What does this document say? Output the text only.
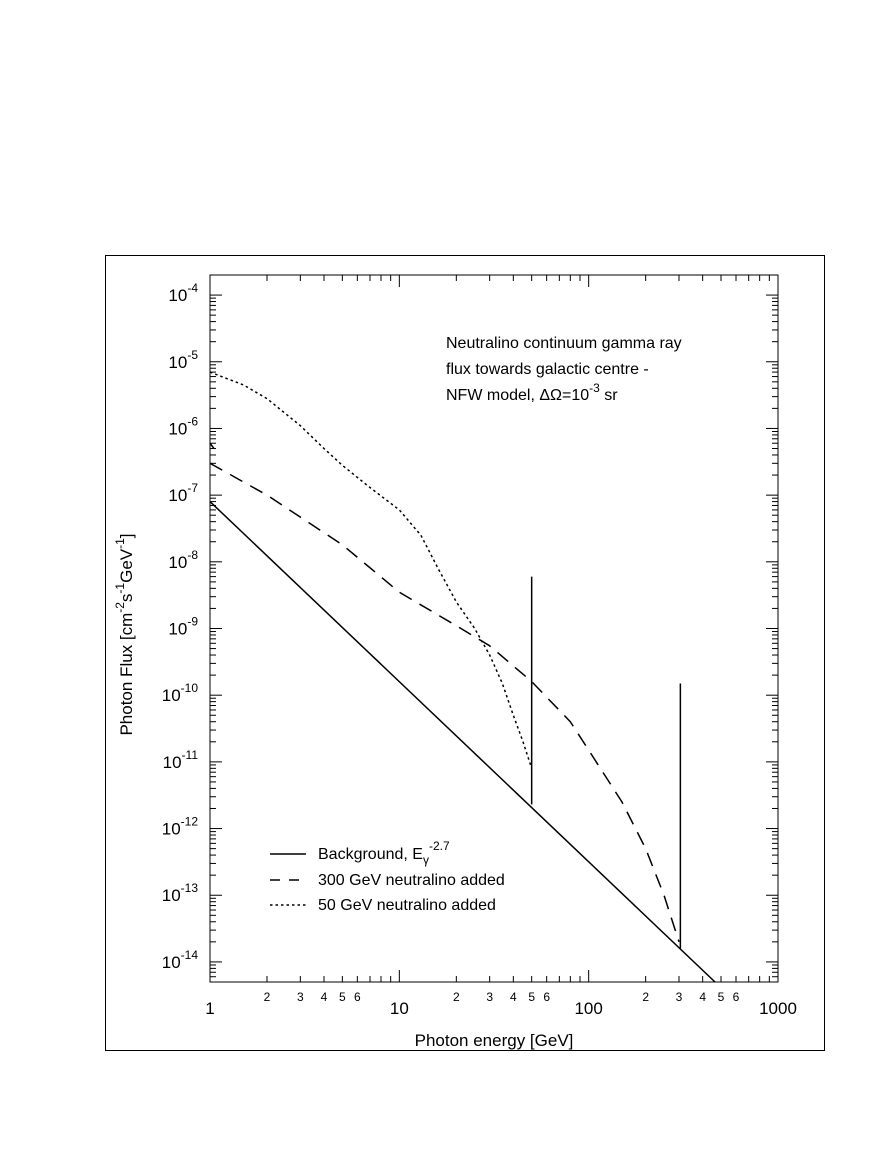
1	10	100	1000
2 3 4 5 6	2 3 4 5 6	2 3 4 5 6
$10^{-14}$
$10^{-13}$
$10^{-12}$
$10^{-11}$
$10^{-10}$
$10^{-9}$
$10^{-8}$
$10^{-7}$
$10^{-6}$
$10^{-5}$
$10^{-4}$
Photon energy [GeV]
Photon Flux $[cm^{-2}s^{-1}GeV^{-1}]$
Neutralino continuum gamma ray
flux towards galactic centre -
NFW model, $\Delta\Omega=10^{-3}$ sr
Background, $E_\gamma^{-2.7}$
300 GeV neutralino added
50 GeV neutralino added
